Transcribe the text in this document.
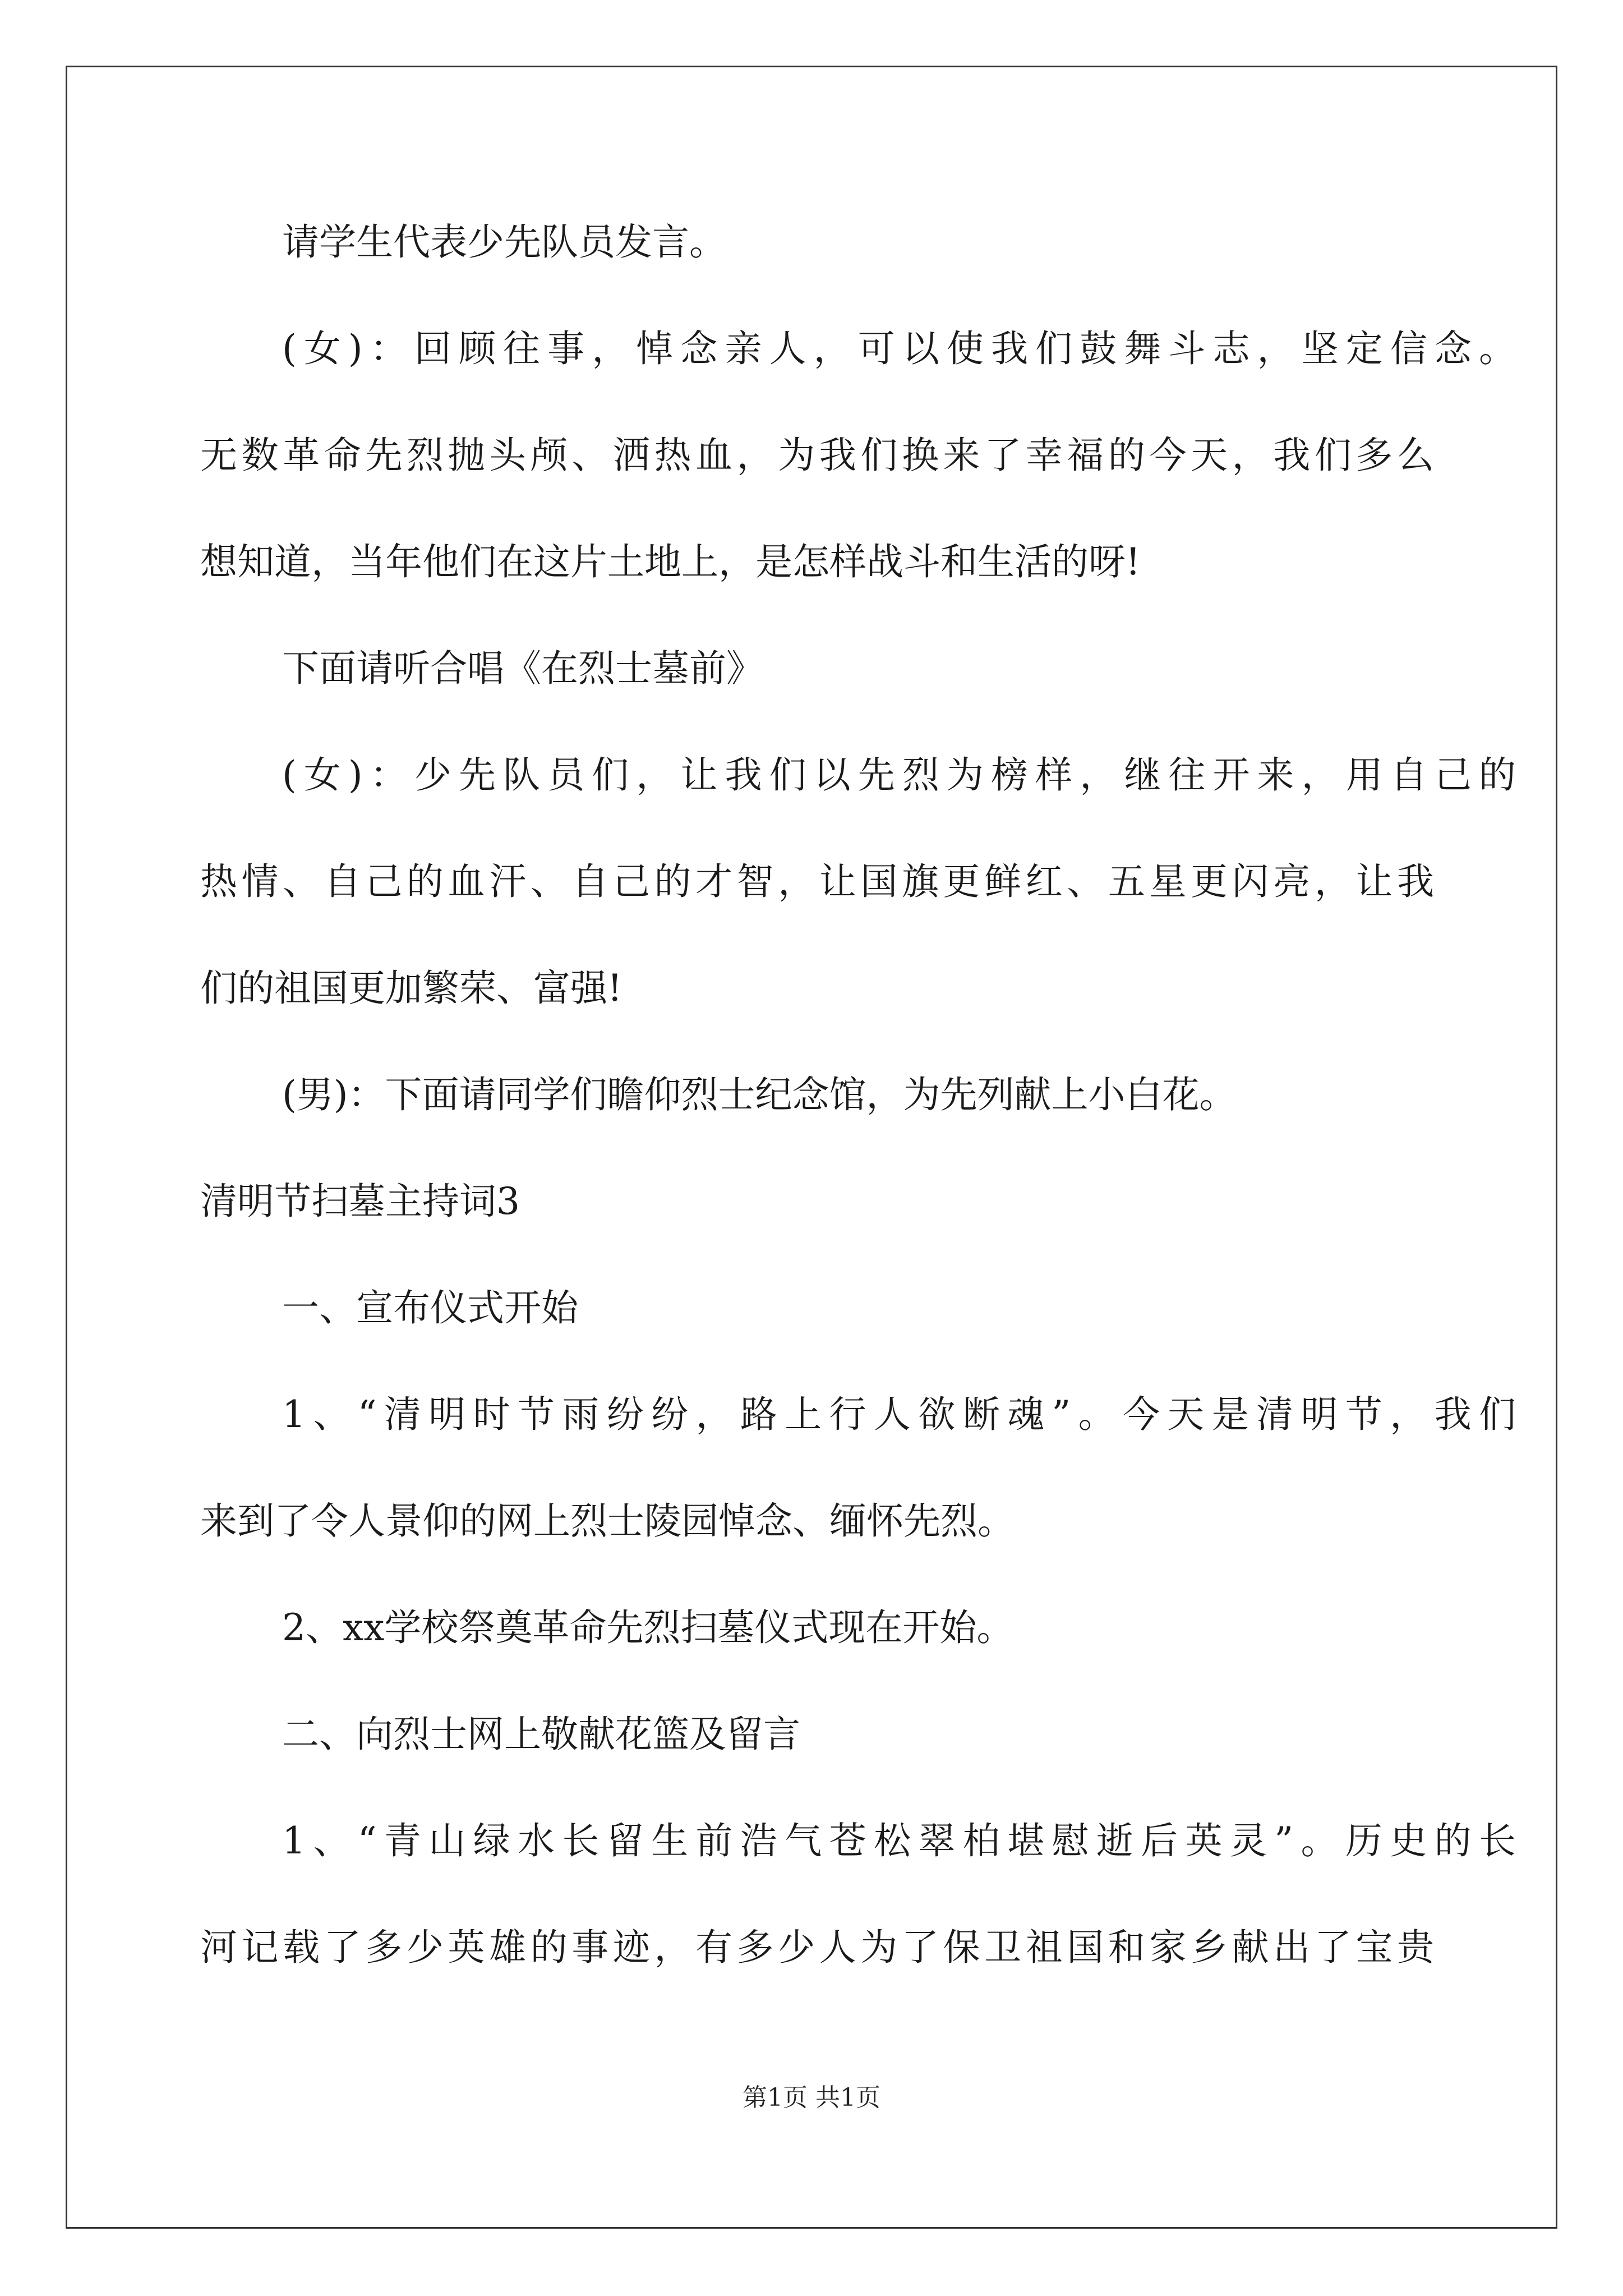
请学生代表少先队员发言。
(女)：回顾往事，悼念亲人，可以使我们鼓舞斗志，坚定信念。
无数革命先烈抛头颅、洒热血，为我们换来了幸福的今天，我们多么
想知道，当年他们在这片土地上，是怎样战斗和生活的呀!
下面请听合唱《在烈士墓前》
(女)：少先队员们，让我们以先烈为榜样，继往开来，用自己的
热情、自己的血汗、自己的才智，让国旗更鲜红、五星更闪亮，让我
们的祖国更加繁荣、富强!
(男)：下面请同学们瞻仰烈士纪念馆，为先列献上小白花。
清明节扫墓主持词3
一、宣布仪式开始
1、“清明时节雨纷纷，路上行人欲断魂”。今天是清明节，我们
来到了令人景仰的网上烈士陵园悼念、缅怀先烈。
2、xx学校祭奠革命先烈扫墓仪式现在开始。
二、向烈士网上敬献花篮及留言
1、“青山绿水长留生前浩气苍松翠柏堪慰逝后英灵”。历史的长
河记载了多少英雄的事迹，有多少人为了保卫祖国和家乡献出了宝贵
第1页 共1页
